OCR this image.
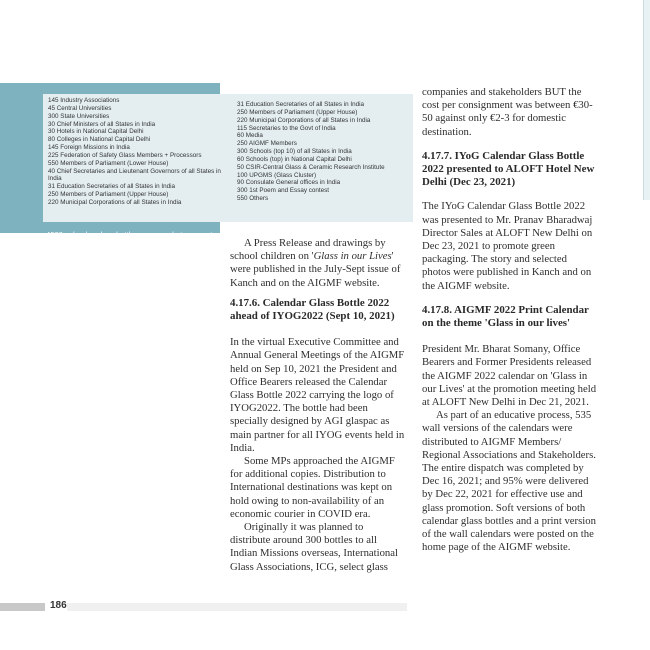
145 Industry Associations
45 Central Universities
300 State Universities
30 Chief Ministers of all States in India
30 Hotels in National Capital Delhi
80 Colleges in National Capital Delhi
145 Foreign Missions in India
225 Federation of Safety Glass Members + Processors
550 Members of Parliament (Lower House)
40 Chief Secretaries and Lieutenant Governors of all States in India
31 Education Secretaries of all States in India
250 Members of Parliament (Upper House)
220 Municipal Corporations of all States in India
31 Education Secretaries of all States in India
250 Members of Parliament (Upper House)
220 Municipal Corporations of all States in India
115 Secretaries to the Govt of India
60 Media
250 AIGMF Members
300 Schools (top 10) of all States in India
60 Schools (top) in National Capital Delhi
50 CSIR-Central Glass & Ceramic Research Institute
100 UPGMS (Glass Cluster)
90 Consulate General offices in India
300 1st Poem and Essay contest
550 Others
4000 calendar glass bottles were made to promote glass and distributed as follows.	A Press Release and drawings by school children on 'Glass in our Lives' were published in the July-Sept issue of Kanch and on the AIGMF website.

4.17.6. Calendar Glass Bottle 2022 ahead of IYOG2022 (Sept 10, 2021)

In the virtual Executive Committee and Annual General Meetings of the AIGMF held on Sep 10, 2021 the President and Office Bearers released the Calendar Glass Bottle 2022 carrying the logo of IYOG2022. The bottle had been specially designed by AGI glaspac as main partner for all IYOG events held in India.

Some MPs approached the AIGMF for additional copies. Distribution to International destinations was kept on hold owing to non-availability of an economic courier in COVID era.

Originally it was planned to distribute around 300 bottles to all Indian Missions overseas, International Glass Associations, ICG, select glass

companies and stakeholders BUT the cost per consignment was between €30-50 against only €2-3 for domestic destination.

4.17.7. IYoG Calendar Glass Bottle 2022 presented to ALOFT Hotel New Delhi (Dec 23, 2021)

The IYoG Calendar Glass Bottle 2022 was presented to Mr. Pranav Bharadwaj Director Sales at ALOFT New Delhi on Dec 23, 2021 to promote green packaging. The story and selected photos were published in Kanch and on the AIGMF website.

4.17.8. AIGMF 2022 Print Calendar on the theme 'Glass in our lives'

President Mr. Bharat Somany, Office Bearers and Former Presidents released the AIGMF 2022 calendar on 'Glass in our Lives' at the promotion meeting held at ALOFT New Delhi in Dec 21, 2021.

As part of an educative process, 535 wall versions of the calendars were distributed to AIGMF Members/ Regional Associations and Stakeholders. The entire dispatch was completed by Dec 16, 2021; and 95% were delivered by Dec 22, 2021 for effective use and glass promotion. Soft versions of both calendar glass bottles and a print version of the wall calendars were posted on the home page of the AIGMF website.

186
